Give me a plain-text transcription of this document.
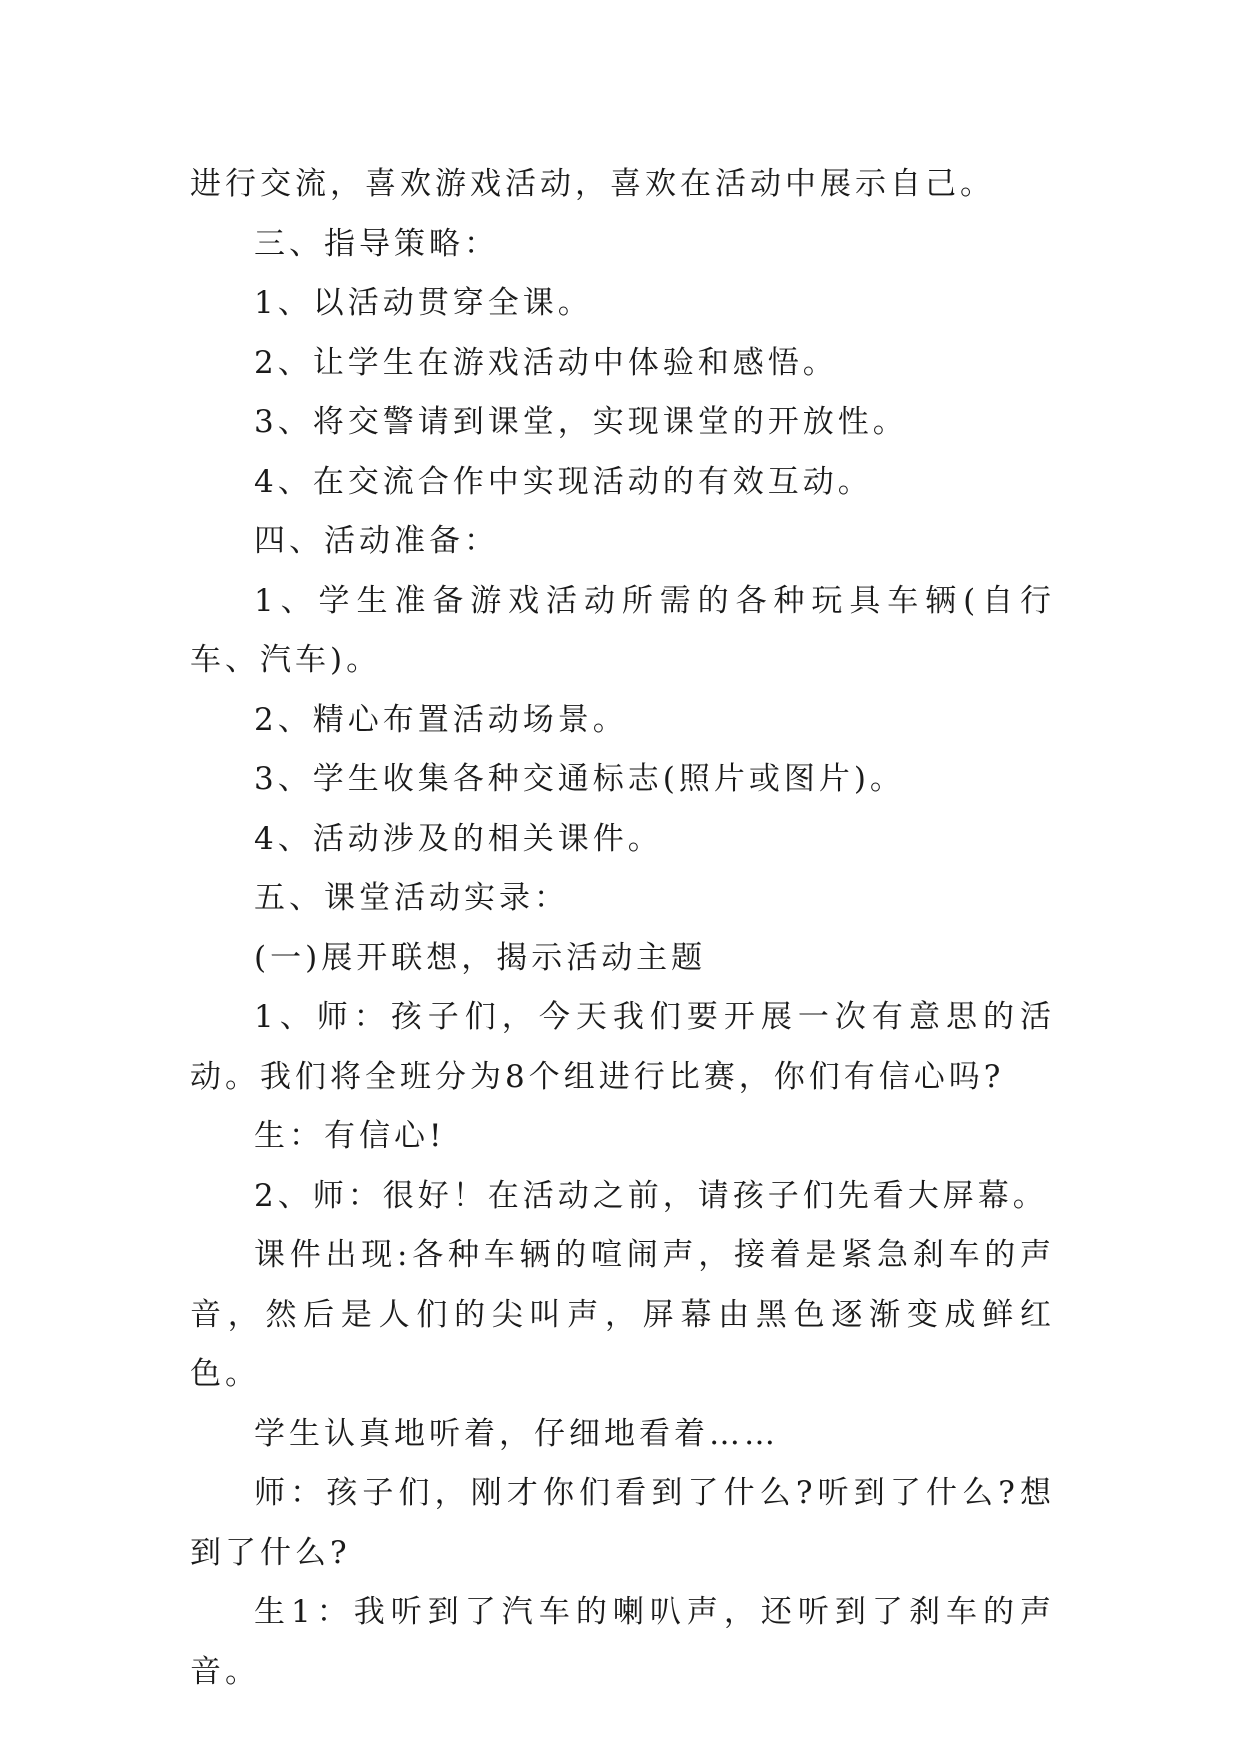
进行交流，喜欢游戏活动，喜欢在活动中展示自己。

三、指导策略：

1、以活动贯穿全课。

2、让学生在游戏活动中体验和感悟。

3、将交警请到课堂，实现课堂的开放性。

4、在交流合作中实现活动的有效互动。

四、活动准备：

1、学生准备游戏活动所需的各种玩具车辆(自行车、汽车)。

2、精心布置活动场景。

3、学生收集各种交通标志(照片或图片)。

4、活动涉及的相关课件。

五、课堂活动实录：

(一)展开联想，揭示活动主题

1、师：孩子们，今天我们要开展一次有意思的活动。我们将全班分为8个组进行比赛，你们有信心吗?

生：有信心!

2、师：很好！在活动之前，请孩子们先看大屏幕。

课件出现:各种车辆的喧闹声，接着是紧急刹车的声音，然后是人们的尖叫声，屏幕由黑色逐渐变成鲜红色。

学生认真地听着，仔细地看着……

师：孩子们，刚才你们看到了什么?听到了什么?想到了什么?

生1：我听到了汽车的喇叭声，还听到了刹车的声音。
